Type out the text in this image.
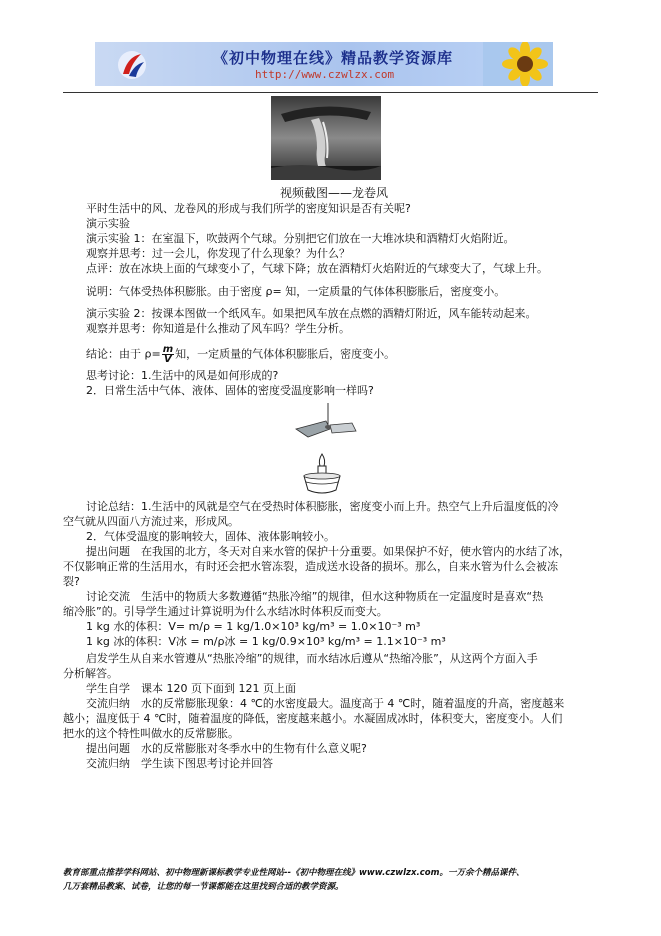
《初中物理在线》精品教学资源库
http://www.czwlzx.com
视频截图——龙卷风
平时生活中的风、龙卷风的形成与我们所学的密度知识是否有关呢?
演示实验
演示实验 1：在室温下，吹鼓两个气球。分别把它们放在一大堆冰块和酒精灯火焰附近。
观察并思考：过一会儿，你发现了什么现象？为什么？
点评：放在冰块上面的气球变小了，气球下降；放在酒精灯火焰附近的气球变大了，气球上升。
说明：气体受热体积膨胀。由于密度 ρ= 知，一定质量的气体体积膨胀后，密度变小。
演示实验 2：按课本图做一个纸风车。如果把风车放在点燃的酒精灯附近，风车能转动起来。
观察并思考：你知道是什么推动了风车吗？学生分析。
结论：由于 $\rho= \frac{m}{V}$ 知，一定质量的气体体积膨胀后，密度变小。
思考讨论：1.生活中的风是如何形成的?
2．日常生活中气体、液体、固体的密度受温度影响一样吗?
讨论总结：1.生活中的风就是空气在受热时体积膨胀，密度变小而上升。热空气上升后温度低的冷
空气就从四面八方流过来，形成风。
2．气体受温度的影响较大，固体、液体影响较小。
提出问题　在我国的北方，冬天对自来水管的保护十分重要。如果保护不好，使水管内的水结了冰，
不仅影响正常的生活用水，有时还会把水管冻裂，造成送水设备的损坏。那么，自来水管为什么会被冻
裂?
讨论交流　生活中的物质大多数遵循“热胀冷缩”的规律，但水这种物质在一定温度时是喜欢“热
缩冷胀”的。引导学生通过计算说明为什么水结冰时体积反而变大。
1 kg 水的体积：V= m/ρ = 1 kg/1.0×10³ kg/m³ = 1.0×10⁻³ m³
1 kg 冰的体积：V冰 = m/ρ冰 = 1 kg/0.9×10³ kg/m³ = 1.1×10⁻³ m³
启发学生从自来水管遵从“热胀冷缩”的规律，而水结冰后遵从“热缩冷胀”，从这两个方面入手
分析解答。
学生自学　课本 120 页下面到 121 页上面
交流归纳　水的反常膨胀现象：4 ℃的水密度最大。温度高于 4 ℃时，随着温度的升高，密度越来
越小；温度低于 4 ℃时，随着温度的降低，密度越来越小。水凝固成冰时，体积变大，密度变小。人们
把水的这个特性叫做水的反常膨胀。
提出问题　水的反常膨胀对冬季水中的生物有什么意义呢?
交流归纳　学生读下图思考讨论并回答
教育部重点推荐学科网站、初中物理新课标教学专业性网站--《初中物理在线》www.czwlzx.com。一万余个精品课件、
几万套精品教案、试卷，让您的每一节课都能在这里找到合适的教学资源。
